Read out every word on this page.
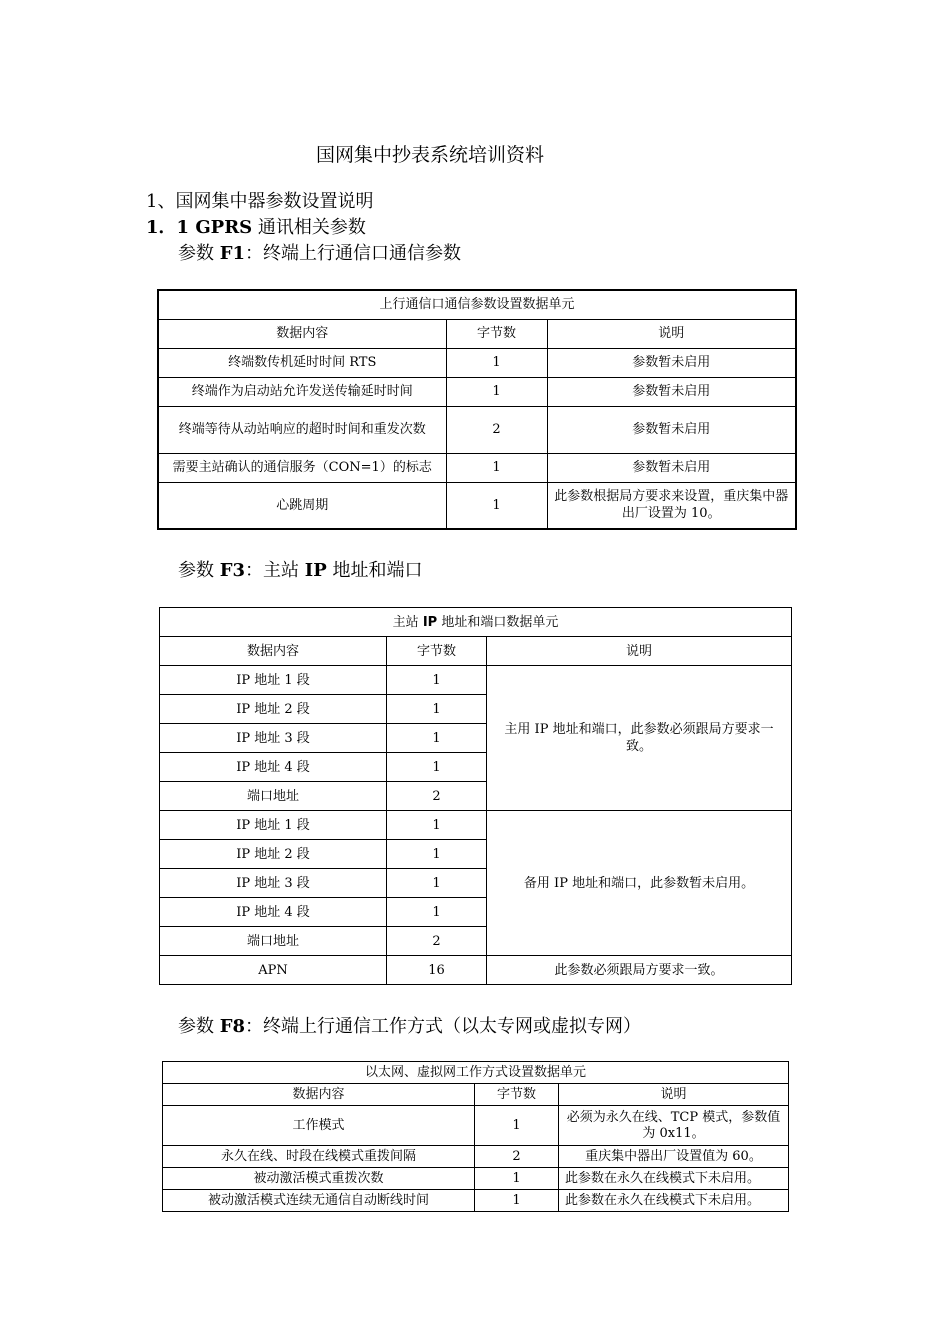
国网集中抄表系统培训资料
1、国网集中器参数设置说明
1．1 GPRS 通讯相关参数
参数 F1：终端上行通信口通信参数
上行通信口通信参数设置数据单元		
数据内容	字节数	说明
终端数传机延时时间 RTS	1	参数暂未启用
终端作为启动站允许发送传输延时时间	1	参数暂未启用
终端等待从动站响应的超时时间和重发次数	2	参数暂未启用
需要主站确认的通信服务（CON=1）的标志	1	参数暂未启用
心跳周期	1	此参数根据局方要求来设置，重庆集中器出厂设置为 10。
参数 F3：主站 IP 地址和端口
主站 IP 地址和端口数据单元		
数据内容	字节数	说明
IP 地址 1 段	1	主用 IP 地址和端口，此参数必须跟局方要求一致。
IP 地址 2 段	1	
IP 地址 3 段	1	
IP 地址 4 段	1	
端口地址	2	
IP 地址 1 段	1	备用 IP 地址和端口，此参数暂未启用。
IP 地址 2 段	1	
IP 地址 3 段	1	
IP 地址 4 段	1	
端口地址	2	
APN	16	此参数必须跟局方要求一致。
参数 F8：终端上行通信工作方式（以太专网或虚拟专网）
以太网、虚拟网工作方式设置数据单元		
数据内容	字节数	说明
工作模式	1	必须为永久在线、TCP 模式，参数值为 0x11。
永久在线、时段在线模式重拨间隔	2	重庆集中器出厂设置值为 60。
被动激活模式重拨次数	1	此参数在永久在线模式下未启用。
被动激活模式连续无通信自动断线时间	1	此参数在永久在线模式下未启用。
